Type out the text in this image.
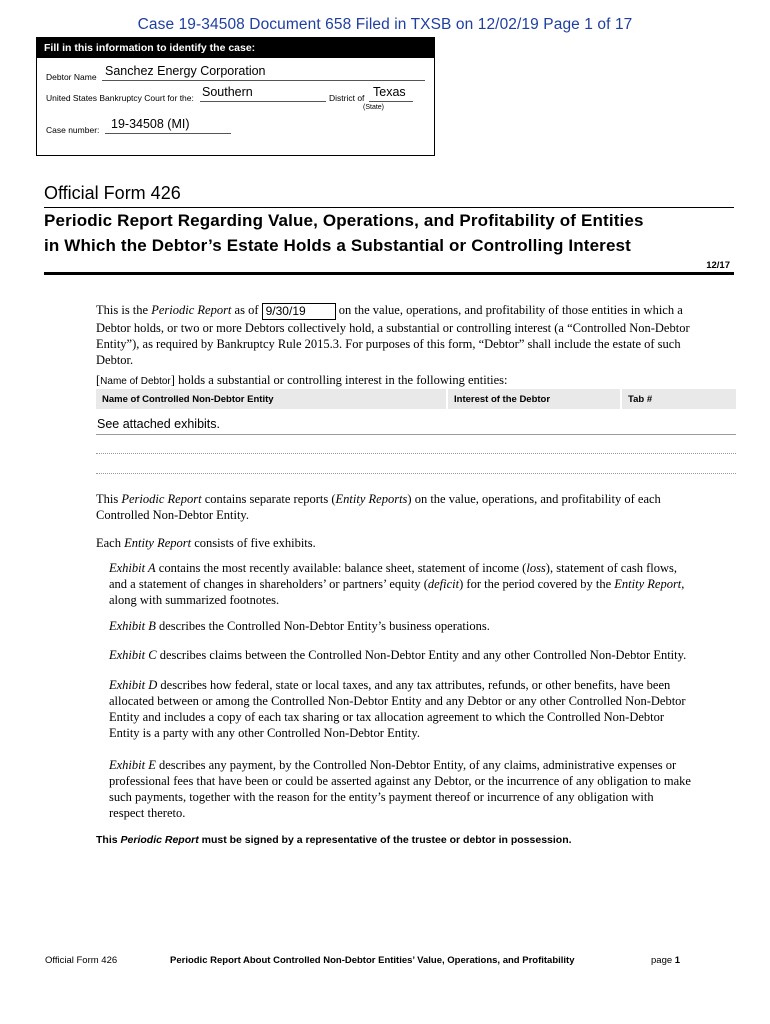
Case 19-34508 Document 658 Filed in TXSB on 12/02/19 Page 1 of 17
Fill in this information to identify the case:
Debtor Name Sanchez Energy Corporation
United States Bankruptcy Court for the: Southern	District of Texas
(State)
Case number: 19-34508 (MI)
Official Form 426
Periodic Report Regarding Value, Operations, and Profitability of Entities
in Which the Debtor’s Estate Holds a Substantial or Controlling Interest
12/17
This is the Periodic Report as of 9/30/19	on the value, operations, and profitability of those entities in which a
Debtor holds, or two or more Debtors collectively hold, a substantial or controlling interest (a “Controlled Non-Debtor
Entity”), as required by Bankruptcy Rule 2015.3. For purposes of this form, “Debtor” shall include the estate of such
Debtor.
[Name of Debtor] holds a substantial or controlling interest in the following entities:
Name of Controlled Non-Debtor Entity	Interest of the Debtor	Tab #
See attached exhibits.
This Periodic Report contains separate reports (Entity Reports) on the value, operations, and profitability of each
Controlled Non-Debtor Entity.
Each Entity Report consists of five exhibits.
Exhibit A contains the most recently available: balance sheet, statement of income (loss), statement of cash flows,
and a statement of changes in shareholders’ or partners’ equity (deficit) for the period covered by the Entity Report,
along with summarized footnotes.
Exhibit B describes the Controlled Non-Debtor Entity’s business operations.
Exhibit C describes claims between the Controlled Non-Debtor Entity and any other Controlled Non-Debtor Entity.
Exhibit D describes how federal, state or local taxes, and any tax attributes, refunds, or other benefits, have been
allocated between or among the Controlled Non-Debtor Entity and any Debtor or any other Controlled Non-Debtor
Entity and includes a copy of each tax sharing or tax allocation agreement to which the Controlled Non-Debtor
Entity is a party with any other Controlled Non-Debtor Entity.
Exhibit E describes any payment, by the Controlled Non-Debtor Entity, of any claims, administrative expenses or
professional fees that have been or could be asserted against any Debtor, or the incurrence of any obligation to make
such payments, together with the reason for the entity’s payment thereof or incurrence of any obligation with
respect thereto.
This Periodic Report must be signed by a representative of the trustee or debtor in possession.
Official Form 426	Periodic Report About Controlled Non-Debtor Entities’ Value, Operations, and Profitability	page 1
